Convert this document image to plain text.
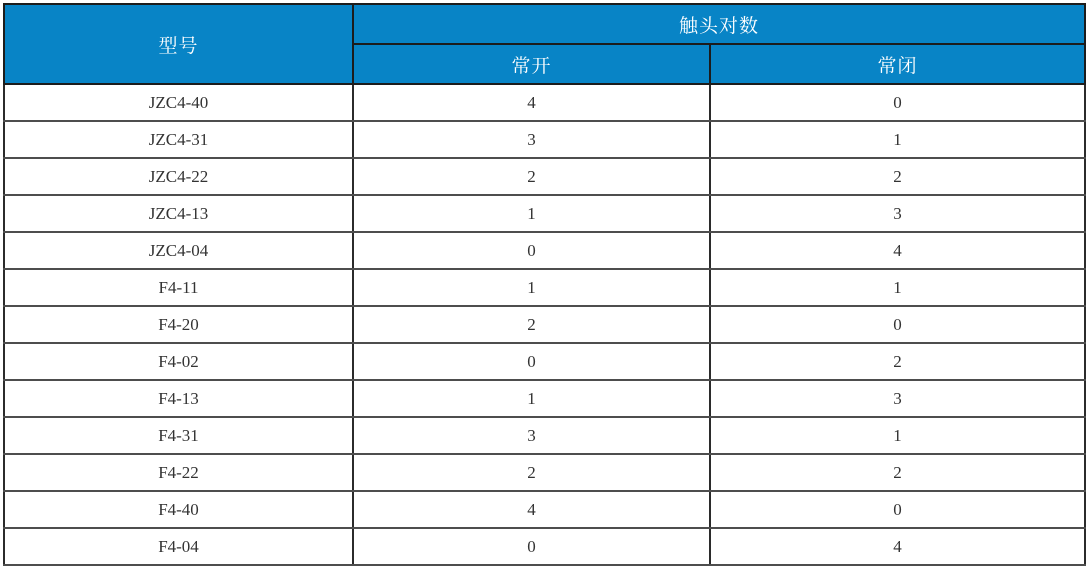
型号	触头对数	
	常开	常闭
JZC4-40	4	0
JZC4-31	3	1
JZC4-22	2	2
JZC4-13	1	3
JZC4-04	0	4
F4-11	1	1
F4-20	2	0
F4-02	0	2
F4-13	1	3
F4-31	3	1
F4-22	2	2
F4-40	4	0
F4-04	0	4
